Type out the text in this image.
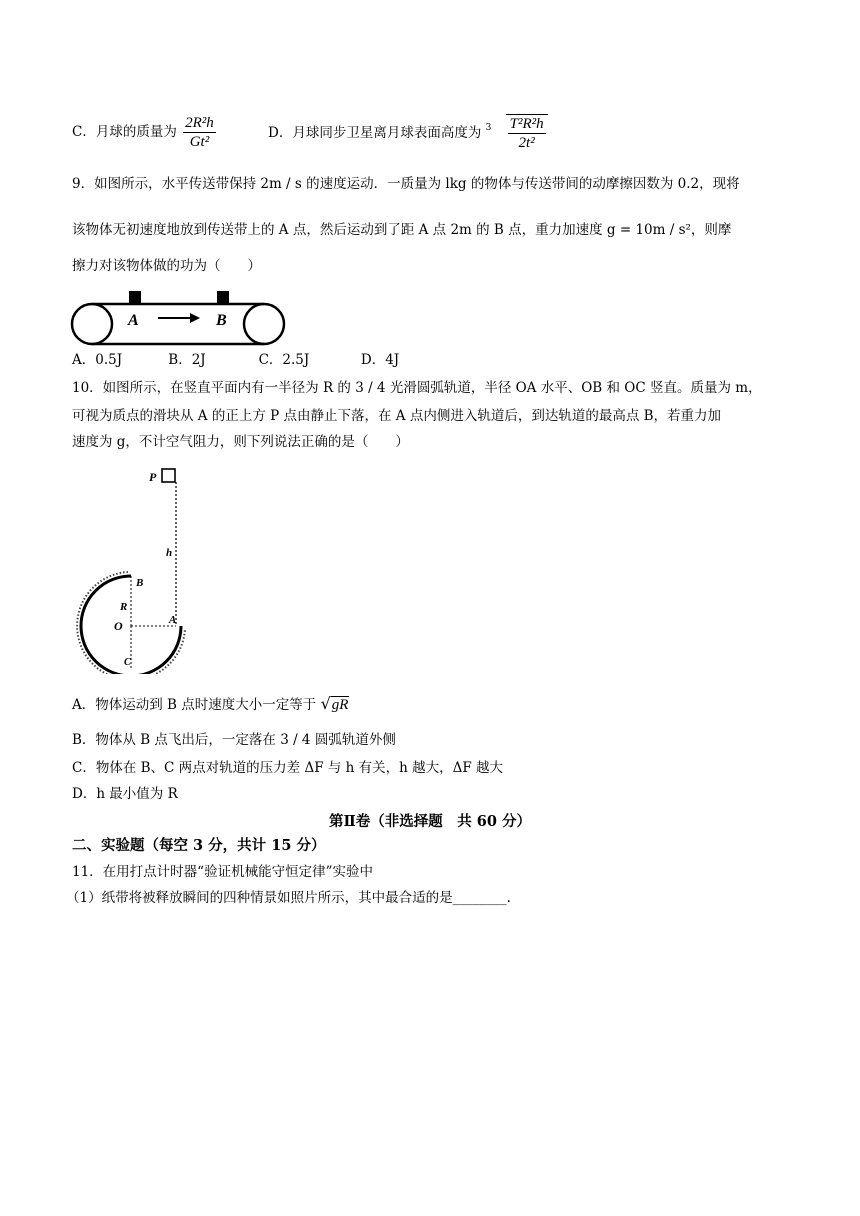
C．月球的质量为 $\frac{\text{2R²h}}{\text{Gt²}}$	D．月球同步卫星离月球表面高度为 $3 \frac{\text{T²R²h}}{\text{2t²}}$
9．如图所示，水平传送带保持 2m / s 的速度运动．一质量为 lkg 的物体与传送带间的动摩擦因数为 0.2，现将
该物体无初速度地放到传送带上的 A 点，然后运动到了距 A 点 2m 的 B 点，重力加速度 g = 10m / s²，则摩
擦力对该物体做的功为（　　）
A	B
A．0.5J	B．2J	C．2.5J	D．4J
10．如图所示，在竖直平面内有一半径为 R 的 3 / 4 光滑圆弧轨道，半径 OA 水平、OB 和 OC 竖直。质量为 m，
可视为质点的滑块从 A 的正上方 P 点由静止下落，在 A 点内侧进入轨道后，到达轨道的最高点 B，若重力加
速度为 g，不计空气阻力，则下列说法正确的是（　　）
P
h
B
R
O	A
C
A．物体运动到 B 点时速度大小一定等于 √gR
B．物体从 B 点飞出后，一定落在 3 / 4 圆弧轨道外侧
C．物体在 B、C 两点对轨道的压力差 ΔF 与 h 有关，h 越大，ΔF 越大
D．h 最小值为 R
第Ⅱ卷（非选择题　共 60 分）
二、实验题（每空 3 分，共计 15 分）
11．在用打点计时器“验证机械能守恒定律”实验中
（1）纸带将被释放瞬间的四种情景如照片所示，其中最合适的是________.
